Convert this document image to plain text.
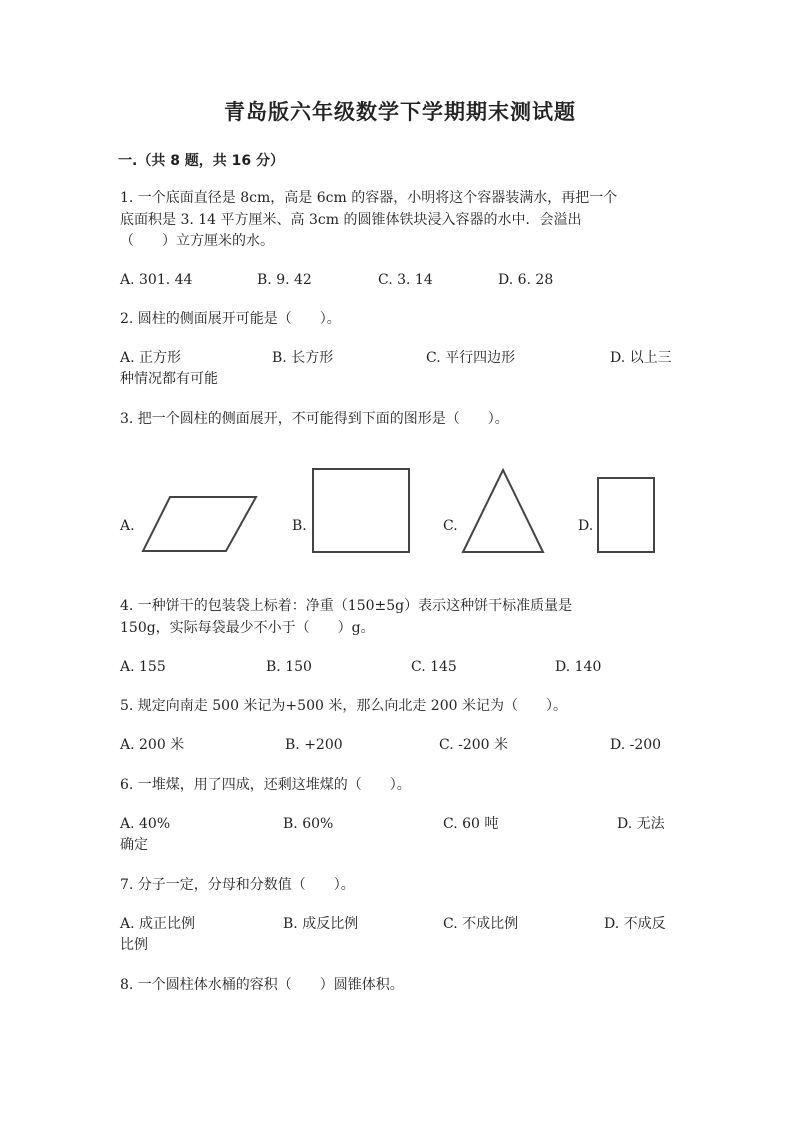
青岛版六年级数学下学期期末测试题
一.（共 8 题，共 16 分）
1. 一个底面直径是 8cm，高是 6cm 的容器，小明将这个容器装满水，再把一个
底面积是 3. 14 平方厘米、高 3cm 的圆锥体铁块浸入容器的水中．会溢出
（　　）立方厘米的水。
A. 301. 44	B. 9. 42	C. 3. 14	D. 6. 28
2. 圆柱的侧面展开可能是（　　）。
A. 正方形	B. 长方形	C. 平行四边形	D. 以上三
种情况都有可能
3. 把一个圆柱的侧面展开，不可能得到下面的图形是（　　）。
A.	B.	C.	D.
4. 一种饼干的包装袋上标着：净重（150±5g）表示这种饼干标准质量是
150g，实际每袋最少不小于（　　）g。
A. 155	B. 150	C. 145	D. 140
5. 规定向南走 500 米记为+500 米，那么向北走 200 米记为（　　）。
A. 200 米	B. +200	C. -200 米	D. -200
6. 一堆煤，用了四成，还剩这堆煤的（　　）。
A. 40%	B. 60%	C. 60 吨	D. 无法
确定
7. 分子一定，分母和分数值（　　）。
A. 成正比例	B. 成反比例	C. 不成比例	D. 不成反
比例
8. 一个圆柱体水桶的容积（　　）圆锥体积。
